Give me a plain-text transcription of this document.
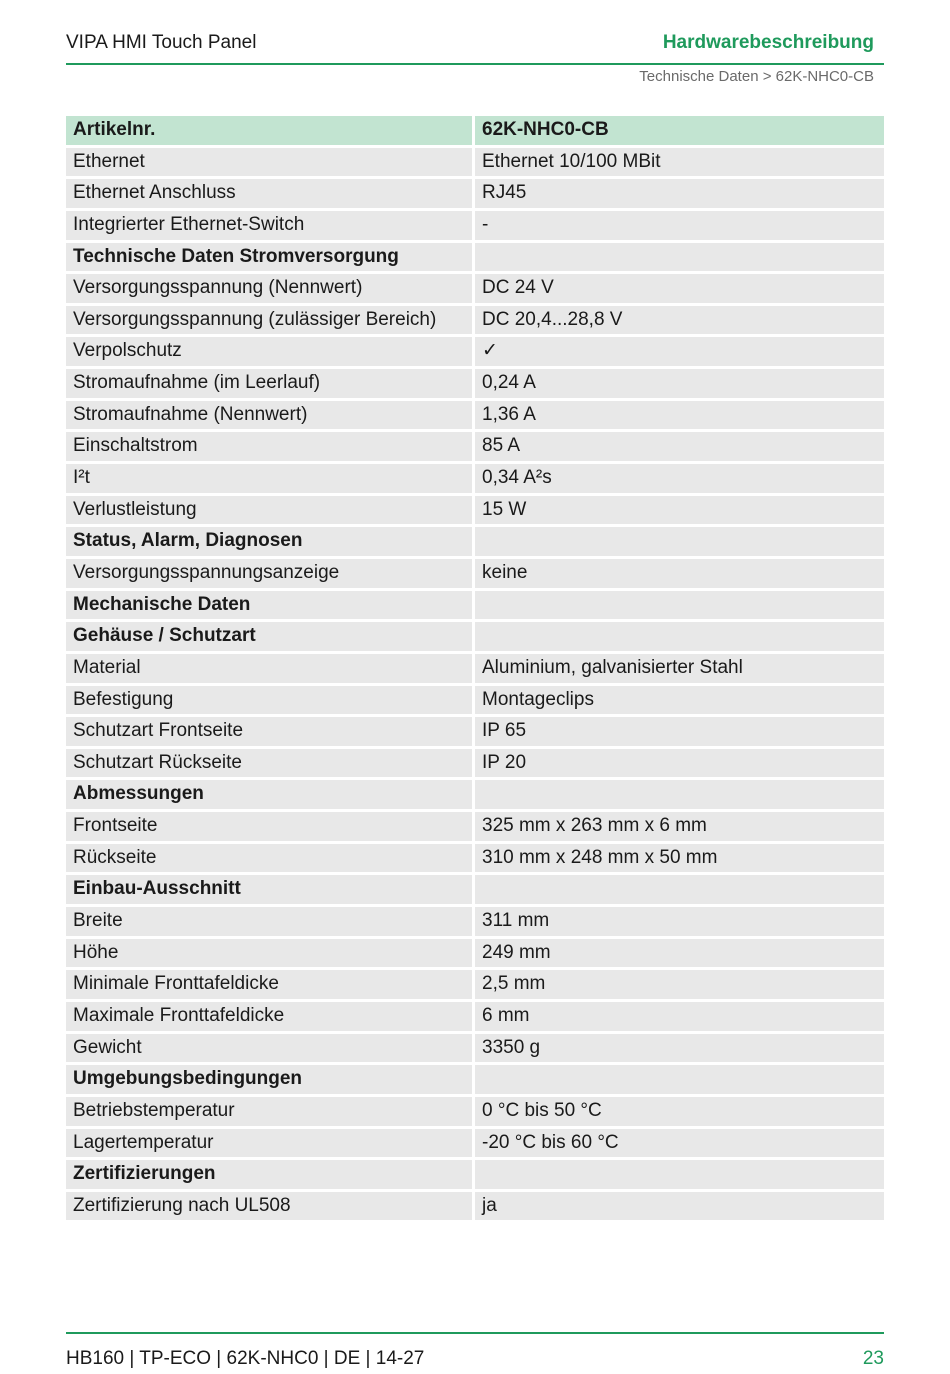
VIPA HMI Touch Panel	Hardwarebeschreibung
Technische Daten > 62K-NHC0-CB
Artikelnr.	62K-NHC0-CB
Ethernet	Ethernet 10/100 MBit
Ethernet Anschluss	RJ45
Integrierter Ethernet-Switch	-
Technische Daten Stromversorgung
Versorgungsspannung (Nennwert)	DC 24 V
Versorgungsspannung (zulässiger Bereich)	DC 20,4...28,8 V
Verpolschutz	✓
Stromaufnahme (im Leerlauf)	0,24 A
Stromaufnahme (Nennwert)	1,36 A
Einschaltstrom	85 A
I²t	0,34 A²s
Verlustleistung	15 W
Status, Alarm, Diagnosen
Versorgungsspannungsanzeige	keine
Mechanische Daten
Gehäuse / Schutzart
Material	Aluminium, galvanisierter Stahl
Befestigung	Montageclips
Schutzart Frontseite	IP 65
Schutzart Rückseite	IP 20
Abmessungen
Frontseite	325 mm x 263 mm x 6 mm
Rückseite	310 mm x 248 mm x 50 mm
Einbau-Ausschnitt
Breite	311 mm
Höhe	249 mm
Minimale Fronttafeldicke	2,5 mm
Maximale Fronttafeldicke	6 mm
Gewicht	3350 g
Umgebungsbedingungen
Betriebstemperatur	0 °C bis 50 °C
Lagertemperatur	-20 °C bis 60 °C
Zertifizierungen
Zertifizierung nach UL508	ja
HB160 | TP-ECO | 62K-NHC0 | DE | 14-27	23
